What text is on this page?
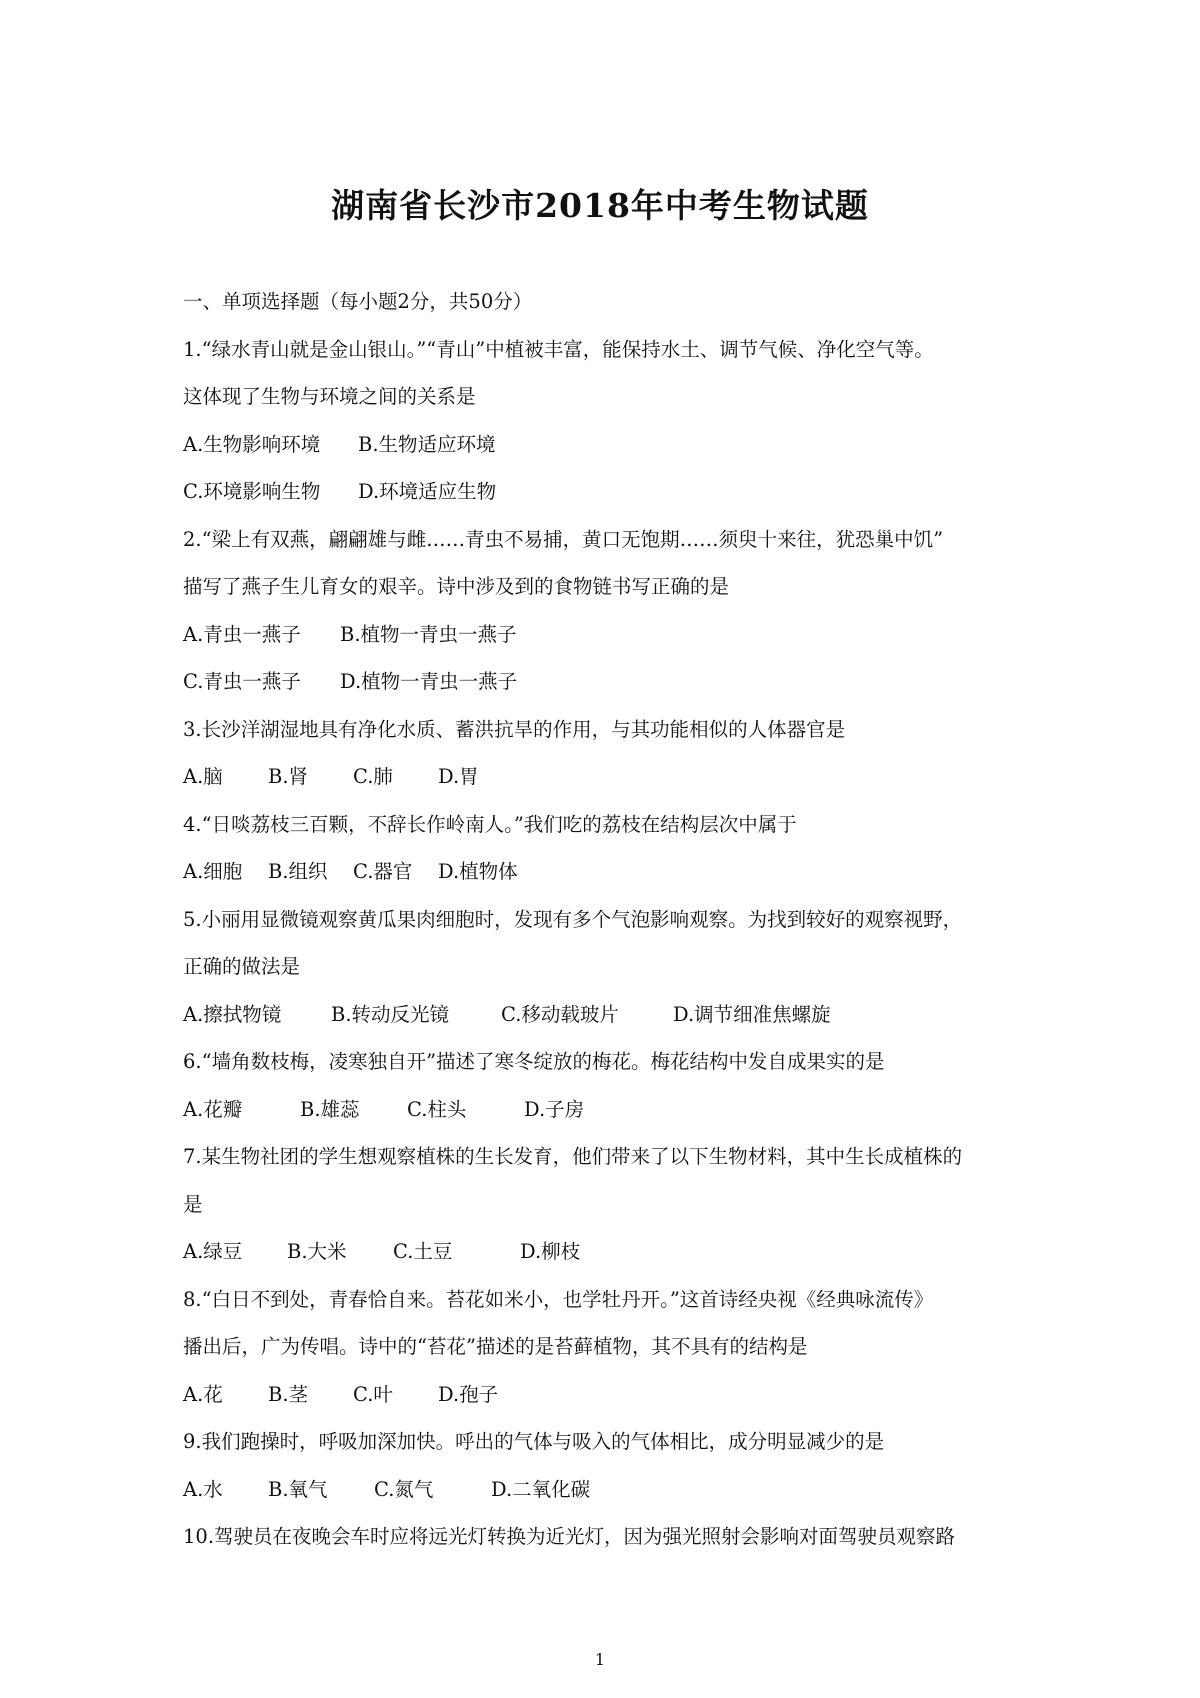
湖南省长沙市2018年中考生物试题
一、单项选择题（每小题2分，共50分）
1.“绿水青山就是金山银山。”“青山”中植被丰富，能保持水土、调节气候、净化空气等。
这体现了生物与环境之间的关系是
A.生物影响环境 B.生物适应环境
C.环境影响生物 D.环境适应生物
2.“梁上有双燕，翩翩雄与雌……青虫不易捕，黄口无饱期……须臾十来往，犹恐巢中饥”
描写了燕子生儿育女的艰辛。诗中涉及到的食物链书写正确的是
A.青虫一燕子 B.植物一青虫一燕子
C.青虫一燕子 D.植物一青虫一燕子
3.长沙洋湖湿地具有净化水质、蓄洪抗旱的作用，与其功能相似的人体器官是
A.脑 B.肾 C.肺 D.胃
4.“日啖荔枝三百颗，不辞长作岭南人。”我们吃的荔枝在结构层次中属于
A.细胞 B.组织 C.器官 D.植物体
5.小丽用显微镜观察黄瓜果肉细胞时，发现有多个气泡影响观察。为找到较好的观察视野，
正确的做法是
A.擦拭物镜	B.转动反光镜	C.移动载玻片	D.调节细准焦螺旋
6.“墙角数枝梅，凌寒独自开”描述了寒冬绽放的梅花。梅花结构中发自成果实的是
A.花瓣	B.雄蕊 C.柱头	D.子房
7.某生物社团的学生想观察植株的生长发育，他们带来了以下生物材料，其中生长成植株的
是
A.绿豆 B.大米 C.土豆	D.柳枝
8.“白日不到处，青春恰自来。苔花如米小，也学牡丹开。”这首诗经央视《经典咏流传》
播出后，广为传唱。诗中的“苔花”描述的是苔藓植物，其不具有的结构是
A.花 B.茎 C.叶 D.孢子
9.我们跑操时，呼吸加深加快。呼出的气体与吸入的气体相比，成分明显减少的是
A.水 B.氧气 C.氮气	D.二氧化碳
10.驾驶员在夜晚会车时应将远光灯转换为近光灯，因为强光照射会影响对面驾驶员观察路
1
